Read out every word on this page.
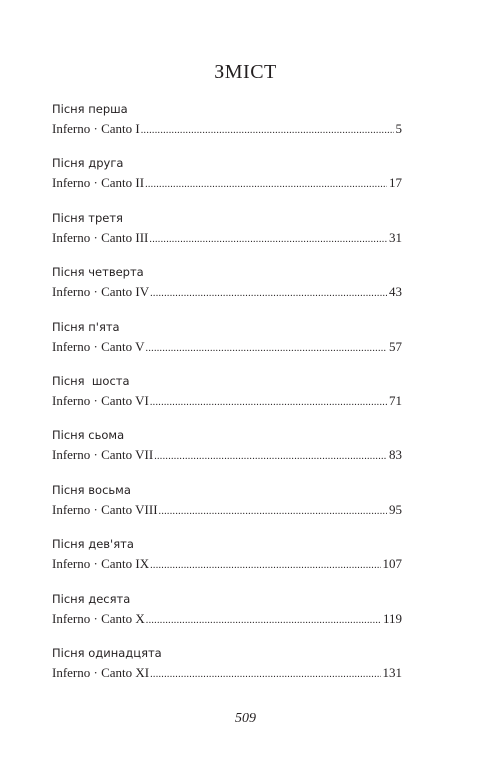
ЗМІСТ
Пісня перша
Inferno · Canto I .....	5
Пісня друга
Inferno · Canto II .....	17
Пісня третя
Inferno · Canto III .....	31
Пісня четверта
Inferno · Canto IV .....	43
Пісня п'ята
Inferno · Canto V .....	57
Пісня  шоста
Inferno · Canto VI .....	71
Пісня сьома
Inferno · Canto VII .....	83
Пісня восьма
Inferno · Canto VIII .....	95
Пісня дев'ята
Inferno · Canto IX .....	107
Пісня десята
Inferno · Canto X .....	119
Пісня одинадцята
Inferno · Canto XI .....	131
509
